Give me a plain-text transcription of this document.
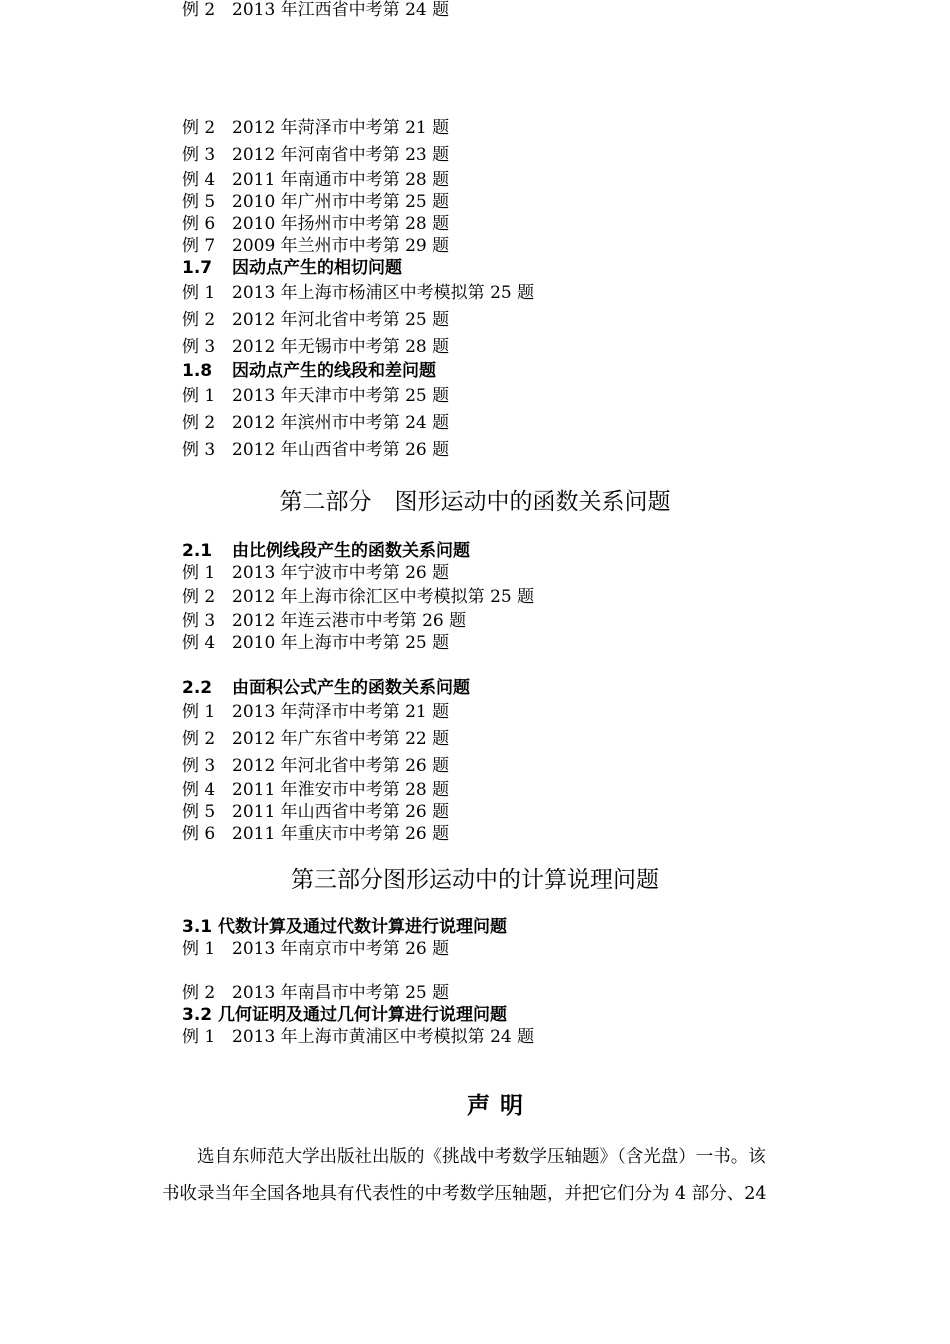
例 2 2012 年菏泽市中考第 21 题
例 3 2012 年河南省中考第 23 题
例 4 2011 年南通市中考第 28 题
例 5 2010 年广州市中考第 25 题
例 6 2010 年扬州市中考第 28 题
例 7 2009 年兰州市中考第 29 题
1.7 因动点产生的相切问题
例 1 2013 年上海市杨浦区中考模拟第 25 题
例 2 2012 年河北省中考第 25 题
例 3 2012 年无锡市中考第 28 题
1.8 因动点产生的线段和差问题
例 1 2013 年天津市中考第 25 题
例 2 2012 年滨州市中考第 24 题
例 3 2012 年山西省中考第 26 题
第二部分　图形运动中的函数关系问题
2.1 由比例线段产生的函数关系问题
例 1 2013 年宁波市中考第 26 题
例 2 2012 年上海市徐汇区中考模拟第 25 题
例 3 2012 年连云港市中考第 26 题
例 4 2010 年上海市中考第 25 题
2.2 由面积公式产生的函数关系问题
例 1 2013 年菏泽市中考第 21 题
例 2 2012 年广东省中考第 22 题
例 3 2012 年河北省中考第 26 题
例 4 2011 年淮安市中考第 28 题
例 5 2011 年山西省中考第 26 题
例 6 2011 年重庆市中考第 26 题
第三部分图形运动中的计算说理问题
3.1 代数计算及通过代数计算进行说理问题
例 1 2013 年南京市中考第 26 题
例 2 2013 年南昌市中考第 25 题
3.2 几何证明及通过几何计算进行说理问题
例 1 2013 年上海市黄浦区中考模拟第 24 题
例 2 2013 年江西省中考第 24 题
声明
　　选自东师范大学出版社出版的《挑战中考数学压轴题》（含光盘）一书。该
书收录当年全国各地具有代表性的中考数学压轴题，并把它们分为 4 部分、24
